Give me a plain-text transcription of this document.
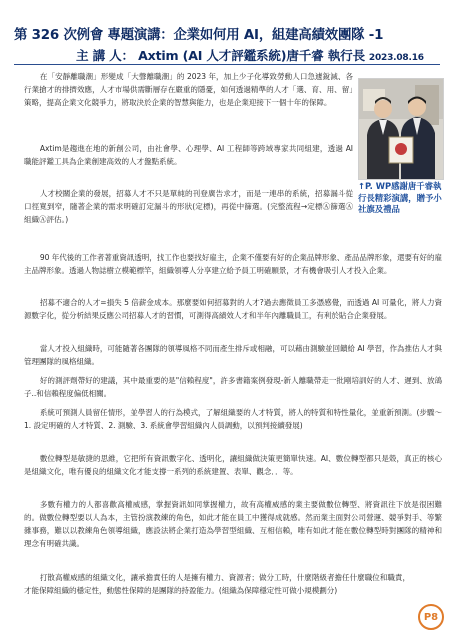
第 326 次例會 專題演講：企業如何用 AI，組建高績效團隊 -1
主 講 人： Axtim (AI 人才評鑑系統)唐千睿 執行長 2023.08.16

在「安靜離職潮」形變成「大聲離職潮」的 2023 年，加上少子化導致勞動人口急遽銳減、各行業搶才的排擠效應，人才市場供需斷層存在嚴重的隱憂，如何透過精準的人才「選、育、用、留」策略，提高企業文化競爭力，將取決於企業的智慧與能力，也是企業迎接下一個十年的保障。

Axtim是趨進在地的新創公司，由社會學、心理學、AI 工程師等跨域專家共同組建，透過 AI 職能評鑑工具為企業創建高效的人才盤點系統。

人才校關企業的發展，招募人才不只是單純的刊登廣告求才，而是一連串的系統，招募漏斗從口徑寬到窄，隨著企業的需求明確訂定漏斗的形狀(定標)，再從中篩選。(完整流程→定標Ⓐ篩選Ⓐ組織Ⓐ評估。)

↑P. WP感謝唐千睿執行長精彩演講，贈予小社旗及禮品

90 年代後的工作者著重資訊透明，找工作也要找好雇主，企業不僅要有好的企業品牌形象、產品品牌形象，還要有好的雇主品牌形象。透過人物誌樹立模範標竿，組織領導人分享建立給予員工明確願景，才有機會吸引人才投入企業。

招募不適合的人才=損失 5 倍薪金成本。那麼要如何招募對的人才?過去應徵員工多憑感覺，而透過 AI 可量化，將人力資源數字化，從分析結果反應公司招募人才的習慣，可測得高績效人才和半年內離職員工，有利於貼合企業發展。

當人才投入組織時，可能隨著各團隊的領導風格不同而產生排斥或相融，可以藉由測驗並回饋給 AI 學習，作為推估人才與管理團隊的風格組織。

好的測評劑帶好的建議，其中最重要的是"信賴程度"，許多書籍案例發現-新人離職帶走一批剛培訓好的人才、遲到、放鴿子..和信賴程度偏低相關。

系統可預測人員留任情形，並學習人的行為模式，了解組織要的人才特質，將人的特質和特性量化，並重新預測。(步驟～ 1. 設定明確的人才特質、2. 測驗、3. 系統會學習組織內人員調動，以預判接續發展)

數位轉型是敏捷的思維，它把所有資訊數字化、透明化，讓組織做決策更簡單快速。AI、數位轉型都只是殼，真正的核心是組織文化，唯有優良的組織文化才能支撐一系列的系統建置、表單、觀念．．等。

多數有權力的人都喜歡高權威感，掌握資訊如同掌握權力，故有高權威感的業主要做數位轉型、將資訊往下放是很困難的。做數位轉型要以人為本，主管扮演教練的角色，如此才能在員工中獲得成就感。然而業主面對公司營運、競爭對手、等繁雜事務，難以以教練角色領導組織，應設法將企業打造為學習型組織、互相信賴，唯有如此才能在數位轉型時對團隊的精神和理念有明確共識。

打散高權威感的組織文化，讓承擔責任的人是擁有權力、資源者；做分工時，什麼階級者擔任什麼職位和職責，才能保障組織的穩定性，動態性保障的是團隊的持盈能力。(組織為保障穩定性可做小規模劃分)

P8
